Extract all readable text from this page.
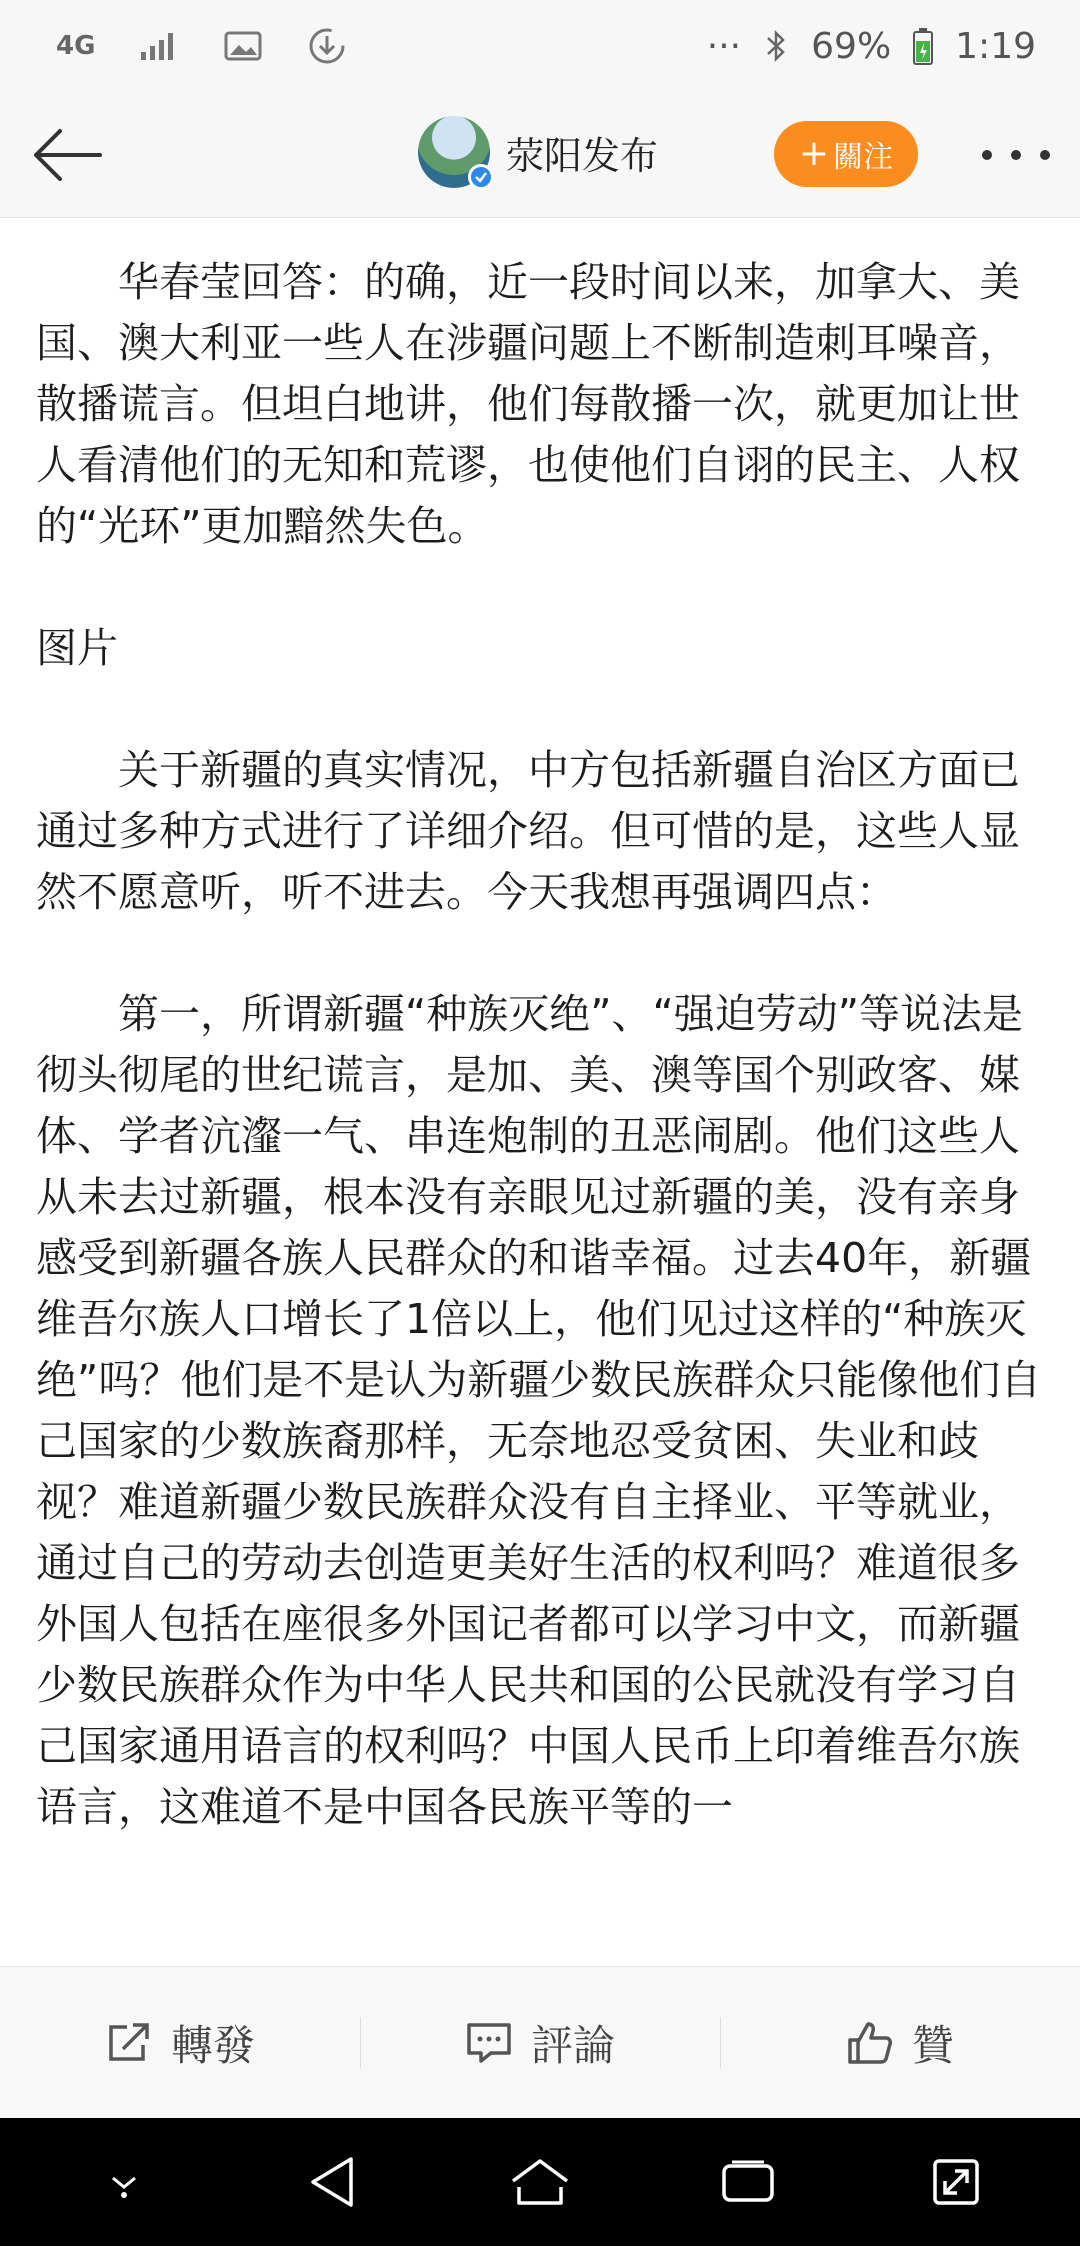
4G	··· 69% 1:19
荥阳发布	+ 關注

华春莹回答：的确，近一段时间以来，加拿大、美国、澳大利亚一些人在涉疆问题上不断制造刺耳噪音，散播谎言。但坦白地讲，他们每散播一次，就更加让世人看清他们的无知和荒谬，也使他们自诩的民主、人权的“光环”更加黯然失色。

图片

关于新疆的真实情况，中方包括新疆自治区方面已通过多种方式进行了详细介绍。但可惜的是，这些人显然不愿意听，听不进去。今天我想再强调四点：

第一，所谓新疆“种族灭绝”、“强迫劳动”等说法是彻头彻尾的世纪谎言，是加、美、澳等国个别政客、媒体、学者沆瀣一气、串连炮制的丑恶闹剧。他们这些人从未去过新疆，根本没有亲眼见过新疆的美，没有亲身感受到新疆各族人民群众的和谐幸福。过去40年，新疆维吾尔族人口增长了1倍以上，他们见过这样的“种族灭绝”吗？他们是不是认为新疆少数民族群众只能像他们自己国家的少数族裔那样，无奈地忍受贫困、失业和歧视？难道新疆少数民族群众没有自主择业、平等就业，通过自己的劳动去创造更美好生活的权利吗？难道很多外国人包括在座很多外国记者都可以学习中文，而新疆少数民族群众作为中华人民共和国的公民就没有学习自己国家通用语言的权利吗？中国人民币上印着维吾尔族语言，这难道不是中国各民族平等的一

轉發	評論	贊
